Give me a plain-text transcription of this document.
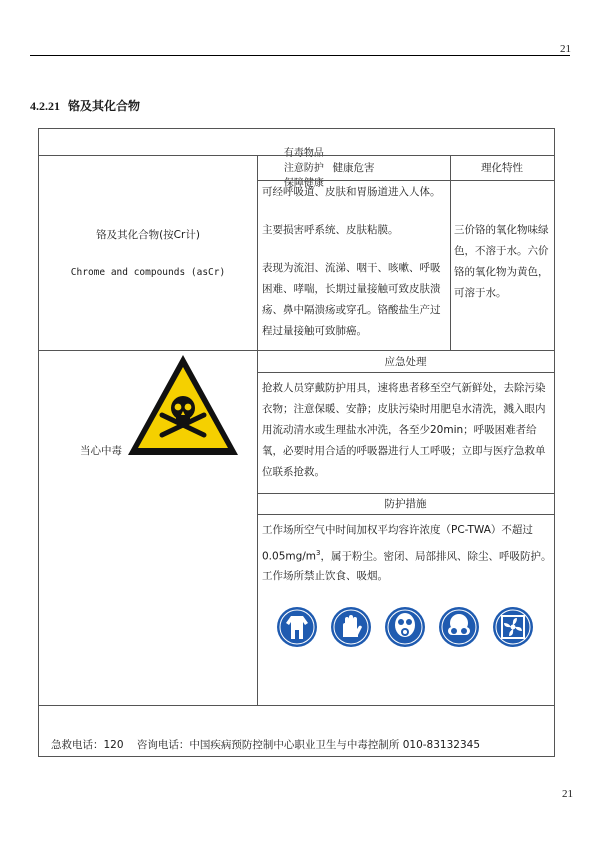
21
4.2.21 铬及其化合物

有毒物品
注意防护
保障健康

健康危害	理化特性
铬及其化合物(按Cr计)
Chrome and compounds (asCr)
可经呼吸道、皮肤和胃肠道进入人体。
主要损害呼系统、皮肤粘膜。
表现为流泪、流涕、咽干、咳嗽、呼吸困难、哮喘，长期过量接触可致皮肤溃疡、鼻中隔溃疡或穿孔。铬酸盐生产过程过量接触可致肺癌。
三价铬的氧化物味绿色，不溶于水。六价铬的氧化物为黄色，可溶于水。
当心中毒
应急处理
抢救人员穿戴防护用具，速将患者移至空气新鲜处，去除污染衣物；注意保暖、安静；皮肤污染时用肥皂水清洗，溅入眼内用流动清水或生理盐水冲洗，各至少20min；呼吸困难者给氧，必要时用合适的呼吸器进行人工呼吸；立即与医疗急救单位联系抢救。
防护措施
工作场所空气中时间加权平均容许浓度（PC-TWA）不超过
$0.05mg/m^3$，属于粉尘。密闭、局部排风、除尘、呼吸防护。
工作场所禁止饮食、吸烟。
急救电话：120    咨询电话：中国疾病预防控制中心职业卫生与中毒控制所 010-83132345
21
